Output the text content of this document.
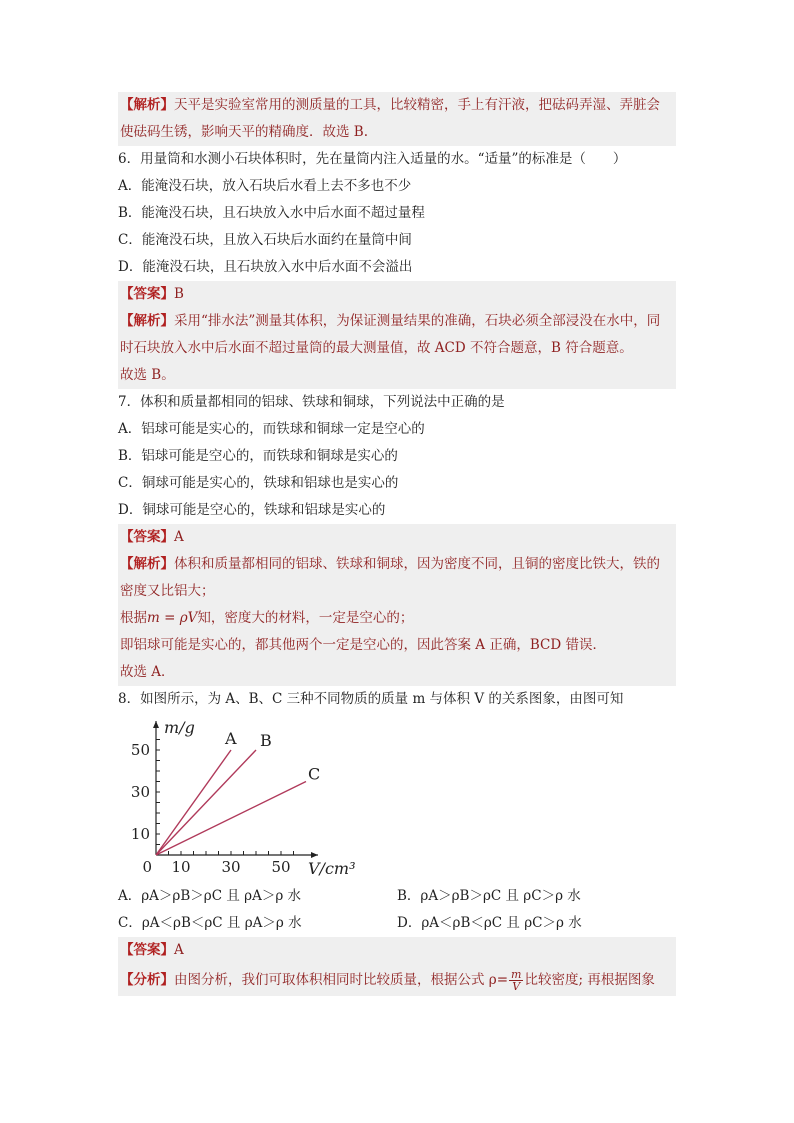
【解析】天平是实验室常用的测质量的工具，比较精密，手上有汗液，把砝码弄湿、弄脏会
使砝码生锈，影响天平的精确度．故选 B.
6．用量筒和水测小石块体积时，先在量筒内注入适量的水。“适量”的标准是（　　）
A．能淹没石块，放入石块后水看上去不多也不少
B．能淹没石块，且石块放入水中后水面不超过量程
C．能淹没石块，且放入石块后水面约在量筒中间
D．能淹没石块，且石块放入水中后水面不会溢出
【答案】B
【解析】采用“排水法”测量其体积，为保证测量结果的准确，石块必须全部浸没在水中，同
时石块放入水中后水面不超过量筒的最大测量值，故 ACD 不符合题意，B 符合题意。
故选 B。
7．体积和质量都相同的铝球、铁球和铜球，下列说法中正确的是
A．铝球可能是实心的，而铁球和铜球一定是空心的
B．铝球可能是空心的，而铁球和铜球是实心的
C．铜球可能是实心的，铁球和铝球也是实心的
D．铜球可能是空心的，铁球和铝球是实心的
【答案】A
【解析】体积和质量都相同的铝球、铁球和铜球，因为密度不同，且铜的密度比铁大，铁的
密度又比铝大；
根据m = ρV知，密度大的材料，一定是空心的；
即铝球可能是实心的，都其他两个一定是空心的，因此答案 A 正确，BCD 错误．
故选 A．
8．如图所示，为 A、B、C 三种不同物质的质量 m 与体积 V 的关系图象，由图可知
10 30 50
10
30
50
0
m/g
V/cm³
A B
C
A．ρA＞ρB＞ρC 且 ρA＞ρ 水	B．ρA＞ρB＞ρC 且 ρC＞ρ 水
C．ρA＜ρB＜ρC 且 ρA＞ρ 水	D．ρA＜ρB＜ρC 且 ρC＞ρ 水
【答案】A
【分析】由图分析，我们可取体积相同时比较质量，根据公式 $\rho= \frac{m}{V}$ 比较密度; 再根据图象
